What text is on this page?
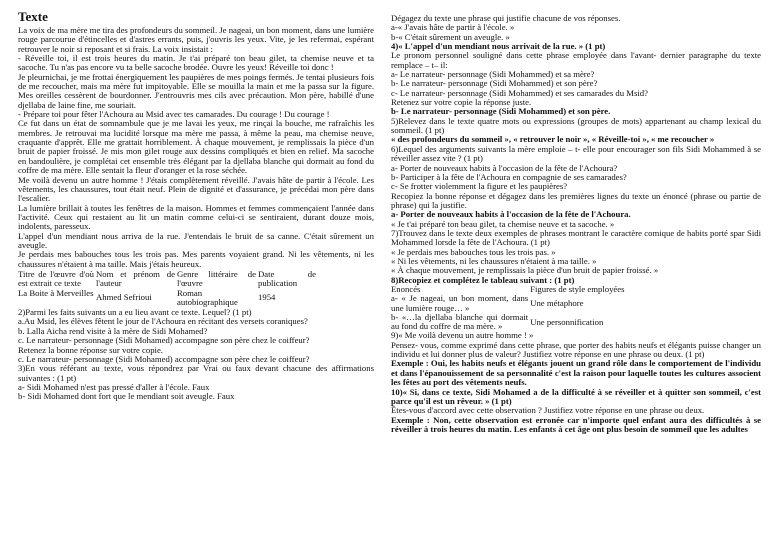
Texte

La voix de ma mère me tira des profondeurs du sommeil. Je nageai, un bon moment, dans une lumière rouge parcourue d'étincelles et d'astres errants, puis, j'ouvris les yeux. Vite, je les refermai, espérant retrouver le noir si reposant et si frais. La voix insistait :

- Réveille toi, il est trois heures du matin. Je t'ai préparé ton beau gilet, ta chemise neuve et ta sacoche. Tu n'as pas encore vu ta belle sacoche brodée. Ouvre les yeux! Réveille toi donc !

Je pleurnichai, je me frottai énergiquement les paupières de mes poings fermés. Je tentai plusieurs fois de me recoucher, mais ma mère fut impitoyable. Elle se mouilla la main et me la passa sur la figure. Mes oreilles cessèrent de bourdonner. J'entrouvris mes cils avec précaution. Mon père, habillé d'une djellaba de laine fine, me souriait.

- Prépare toi pour fêter l'Achoura au Msid avec tes camarades. Du courage ! Du courage !

Ce fut dans un état de somnambule que je me lavai les yeux, me rinçai la bouche, me rafraîchis les membres. Je retrouvai ma lucidité lorsque ma mère me passa, à même la peau, ma chemise neuve, craquante d'apprêt. Elle me grattait horriblement. À chaque mouvement, je remplissais la pièce d'un bruit de papier froissé. Je mis mon gilet rouge aux dessins compliqués et bien en relief. Ma sacoche en bandoulière, je complétai cet ensemble très élégant par la djellaba blanche qui dormait au fond du coffre de ma mère. Elle sentait la fleur d'oranger et la rose séchée.

Me voilà devenu un autre homme ! J'étais complètement réveillé. J'avais hâte de partir à l'école. Les vêtements, les chaussures, tout était neuf. Plein de dignité et d'assurance, je précédai mon père dans l'escalier.

La lumière brillait à toutes les fenêtres de la maison. Hommes et femmes commençaient l'année dans l'activité. Ceux qui restaient au lit un matin comme celui-ci se sentiraient, durant douze mois, indolents, paresseux.

L'appel d'un mendiant nous arriva de la rue. J'entendais le bruit de sa canne. C'était sûrement un aveugle.

Je perdais mes babouches tous les trois pas. Mes parents voyaient grand. Ni les vêtements, ni les chaussures n'étaient à ma taille. Mais j'étais heureux.

Titre de l'œuvre d'où est extrait ce texte	Nom et prénom de l'auteur	Genre littéraire de l'œuvre	Date de publication
La Boite à Merveilles	Ahmed Sefrioui	Roman autobiographique	1954

2)Parmi les faits suivants un a eu lieu avant ce texte. Lequel? (1 pt)

a.Au Msid, les élèves fêtent le jour de l'Achoura en récitant des versets coraniques?

b. Lalla Aicha rend visite à la mère de Sidi Mohamed?

c. Le narrateur- personnage (Sidi Mohamed) accompagne son père chez le coiffeur?

Retenez la bonne réponse sur votre copie.

c. Le narrateur- personnage (Sidi Mohamed) accompagne son père chez le coiffeur?

3)En vous référant au texte, vous répondrez par Vrai ou faux devant chacune des affirmations suivantes : (1 pt)

a- Sidi Mohamed n'est pas pressé d'aller à l'école. Faux

b- Sidi Mohamed dont fort que le mendiant soit aveugle. Faux

Dégagez du texte une phrase qui justifie chacune de vos réponses.

a-« J'avais hâte de partir à l'école. »

b-« C'était sûrement un aveugle. »

4)« L'appel d'un mendiant nous arrivait de la rue. » (1 pt)

Le pronom personnel souligné dans cette phrase employée dans l'avant- dernier paragraphe du texte remplace – t– il:

a- Le narrateur- personnage (Sidi Mohammed) et sa mère?

b- Le narrateur- personnage (Sidi Mohammed) et son père?

c- Le narrateur- personnage (Sidi Mohammed) et ses camarades du Msid?

Retenez sur votre copie la réponse juste.

b- Le narrateur- personnage (Sidi Mohammed) et son père.

5)Relevez dans le texte quatre mots ou expressions (groupes de mots) appartenant au champ lexical du sommeil. (1 pt)

« des profondeurs du sommeil », « retrouver le noir », « Réveille-toi », « me recoucher »

6)Lequel des arguments suivants la mère emploie – t- elle pour encourager son fils Sidi Mohammed à se réveiller assez vite ? (1 pt)

a- Porter de nouveaux habits à l'occasion de la fête de l'Achoura?

b- Participer à la fête de l'Achoura en compagnie de ses camarades?

c- Se frotter violemment la figure et les paupières?

Recopiez la bonne réponse et dégagez dans les premières lignes du texte un énoncé (phrase ou partie de phrase) qui la justifie.

a- Porter de nouveaux habits à l'occasion de la fête de l'Achoura.

« Je t'ai préparé ton beau gilet, ta chemise neuve et ta sacoche. »

7)Trouvez dans le texte deux exemples de phrases montrant le caractère comique de habits porté spar Sidi Mohammed lorsde la fête de l'Achoura. (1 pt)

« Je perdais mes babouches tous les trois pas. »

« Ni les vêtements, ni les chaussures n'étaient à ma taille. »

« À chaque mouvement, je remplissais la pièce d'un bruit de papier froissé. »

8)Recopiez et complétez le tableau suivant : (1 pt)

Enoncés	Figures de style employées
a- « Je nageai, un bon moment, dans une lumière rouge… »	Une métaphore
b- «…la djellaba blanche qui dormait au fond du coffre de ma mère. »	Une personnification

9)« Me voilà devenu un autre homme ! »

Pensez- vous, comme exprimé dans cette phrase, que porter des habits neufs et élégants puisse changer un individu et lui donner plus de valeur? Justifiez votre réponse en une phrase ou deux. (1 pt)

Exemple : Oui, les habits neufs et élégants jouent un grand rôle dans le comportement de l'individu et dans l'épanouissement de sa personnalité c'est la raison pour laquelle toutes les cultures associent les fêtes au port des vêtements neufs.

10)« Si, dans ce texte, Sidi Mohamed a de la difficulté à se réveiller et à quitter son sommeil, c'est parce qu'il est un rêveur. » (1 pt)

Êtes-vous d'accord avec cette observation ? Justifiez votre réponse en une phrase ou deux.

Exemple : Non, cette observation est erronée car n'importe quel enfant aura des difficultés à se réveiller à trois heures du matin. Les enfants à cet âge ont plus besoin de sommeil que les adultes
